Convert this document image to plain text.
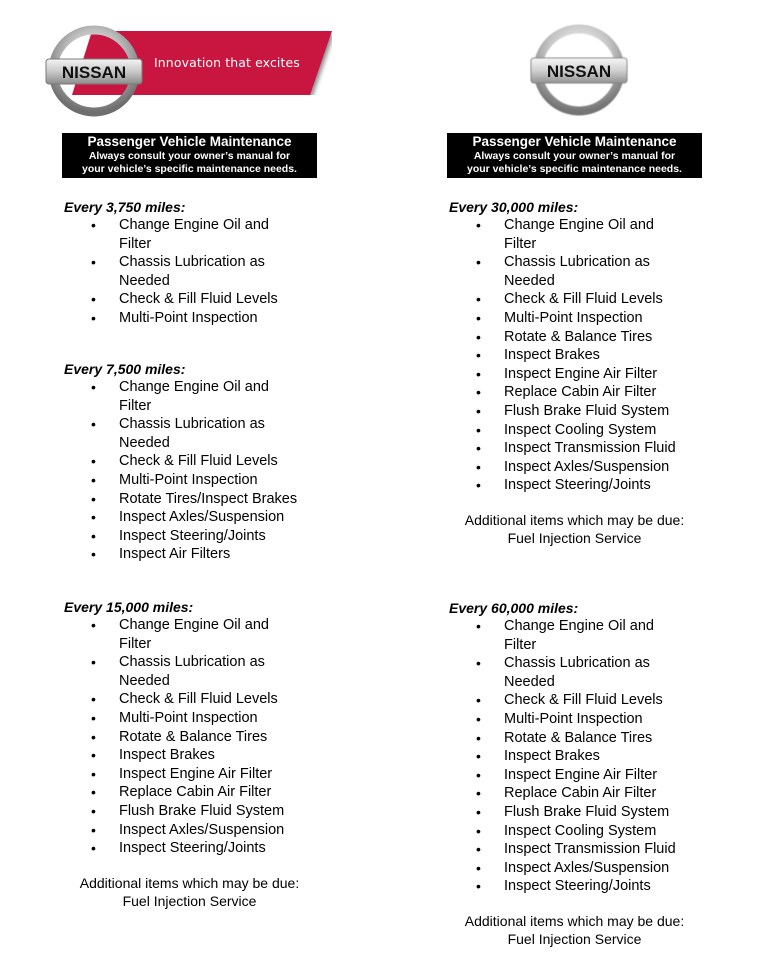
Innovation that excites
NISSAN
Passenger Vehicle Maintenance
Always consult your owner’s manual for
your vehicle’s specific maintenance needs.

Every 3,750 miles:

• Change Engine Oil and Filter
• Chassis Lubrication as Needed
• Check & Fill Fluid Levels
• Multi-Point Inspection

Every 7,500 miles:

• Change Engine Oil and Filter
• Chassis Lubrication as Needed
• Check & Fill Fluid Levels
• Multi-Point Inspection
• Rotate Tires/Inspect Brakes
• Inspect Axles/Suspension
• Inspect Steering/Joints
• Inspect Air Filters

Every 15,000 miles:

• Change Engine Oil and Filter
• Chassis Lubrication as Needed
• Check & Fill Fluid Levels
• Multi-Point Inspection
• Rotate & Balance Tires
• Inspect Brakes
• Inspect Engine Air Filter
• Replace Cabin Air Filter
• Flush Brake Fluid System
• Inspect Axles/Suspension
• Inspect Steering/Joints
Additional items which may be due:
Fuel Injection Service
NISSAN
Passenger Vehicle Maintenance
Always consult your owner’s manual for
your vehicle’s specific maintenance needs.

Every 30,000 miles:

• Change Engine Oil and Filter
• Chassis Lubrication as Needed
• Check & Fill Fluid Levels
• Multi-Point Inspection
• Rotate & Balance Tires
• Inspect Brakes
• Inspect Engine Air Filter
• Replace Cabin Air Filter
• Flush Brake Fluid System
• Inspect Cooling System
• Inspect Transmission Fluid
• Inspect Axles/Suspension
• Inspect Steering/Joints
Additional items which may be due:
Fuel Injection Service

Every 60,000 miles:

• Change Engine Oil and Filter
• Chassis Lubrication as Needed
• Check & Fill Fluid Levels
• Multi-Point Inspection
• Rotate & Balance Tires
• Inspect Brakes
• Inspect Engine Air Filter
• Replace Cabin Air Filter
• Flush Brake Fluid System
• Inspect Cooling System
• Inspect Transmission Fluid
• Inspect Axles/Suspension
• Inspect Steering/Joints
Additional items which may be due:
Fuel Injection Service
